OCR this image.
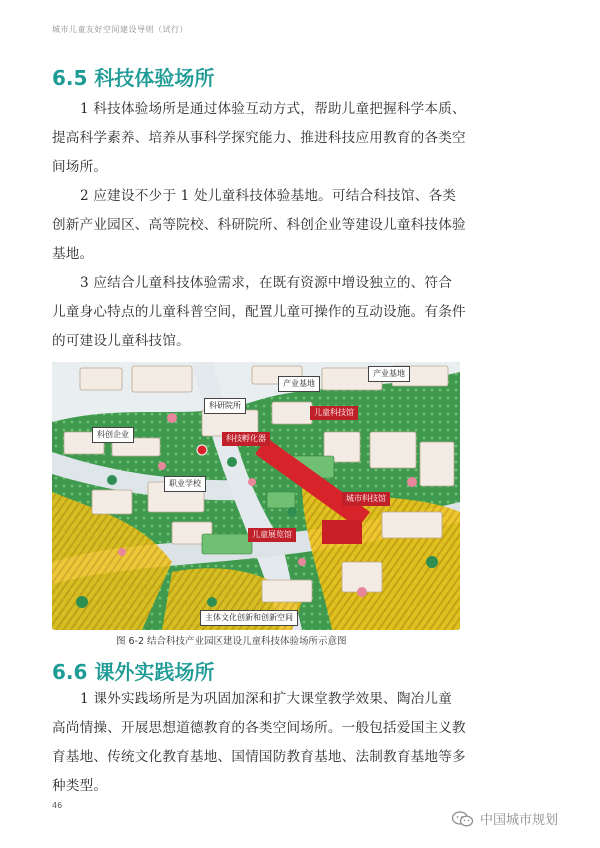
城市儿童友好空间建设导则（试行）
6.5 科技体验场所
1 科技体验场所是通过体验互动方式，帮助儿童把握科学本质、
提高科学素养、培养从事科学探究能力、推进科技应用教育的各类空间场所。
2 应建设不少于 1 处儿童科技体验基地。可结合科技馆、各类
创新产业园区、高等院校、科研院所、科创企业等建设儿童科技体验基地。
3 应结合儿童科技体验需求，在既有资源中增设独立的、符合
儿童身心特点的儿童科普空间，配置儿童可操作的互动设施。有条件的可建设儿童科技馆。
产业基地
产业基地
科研院所
儿童科技馆
科创企业	科技孵化器
职业学校
城市科技馆
儿童展览馆
主体文化创新和创新空间
图 6-2 结合科技产业园区建设儿童科技体验场所示意图
6.6 课外实践场所
1 课外实践场所是为巩固加深和扩大课堂教学效果、陶冶儿童
高尚情操、开展思想道德教育的各类空间场所。一般包括爱国主义教育基地、传统文化教育基地、国情国防教育基地、法制教育基地等多种类型。
46
中国城市规划
